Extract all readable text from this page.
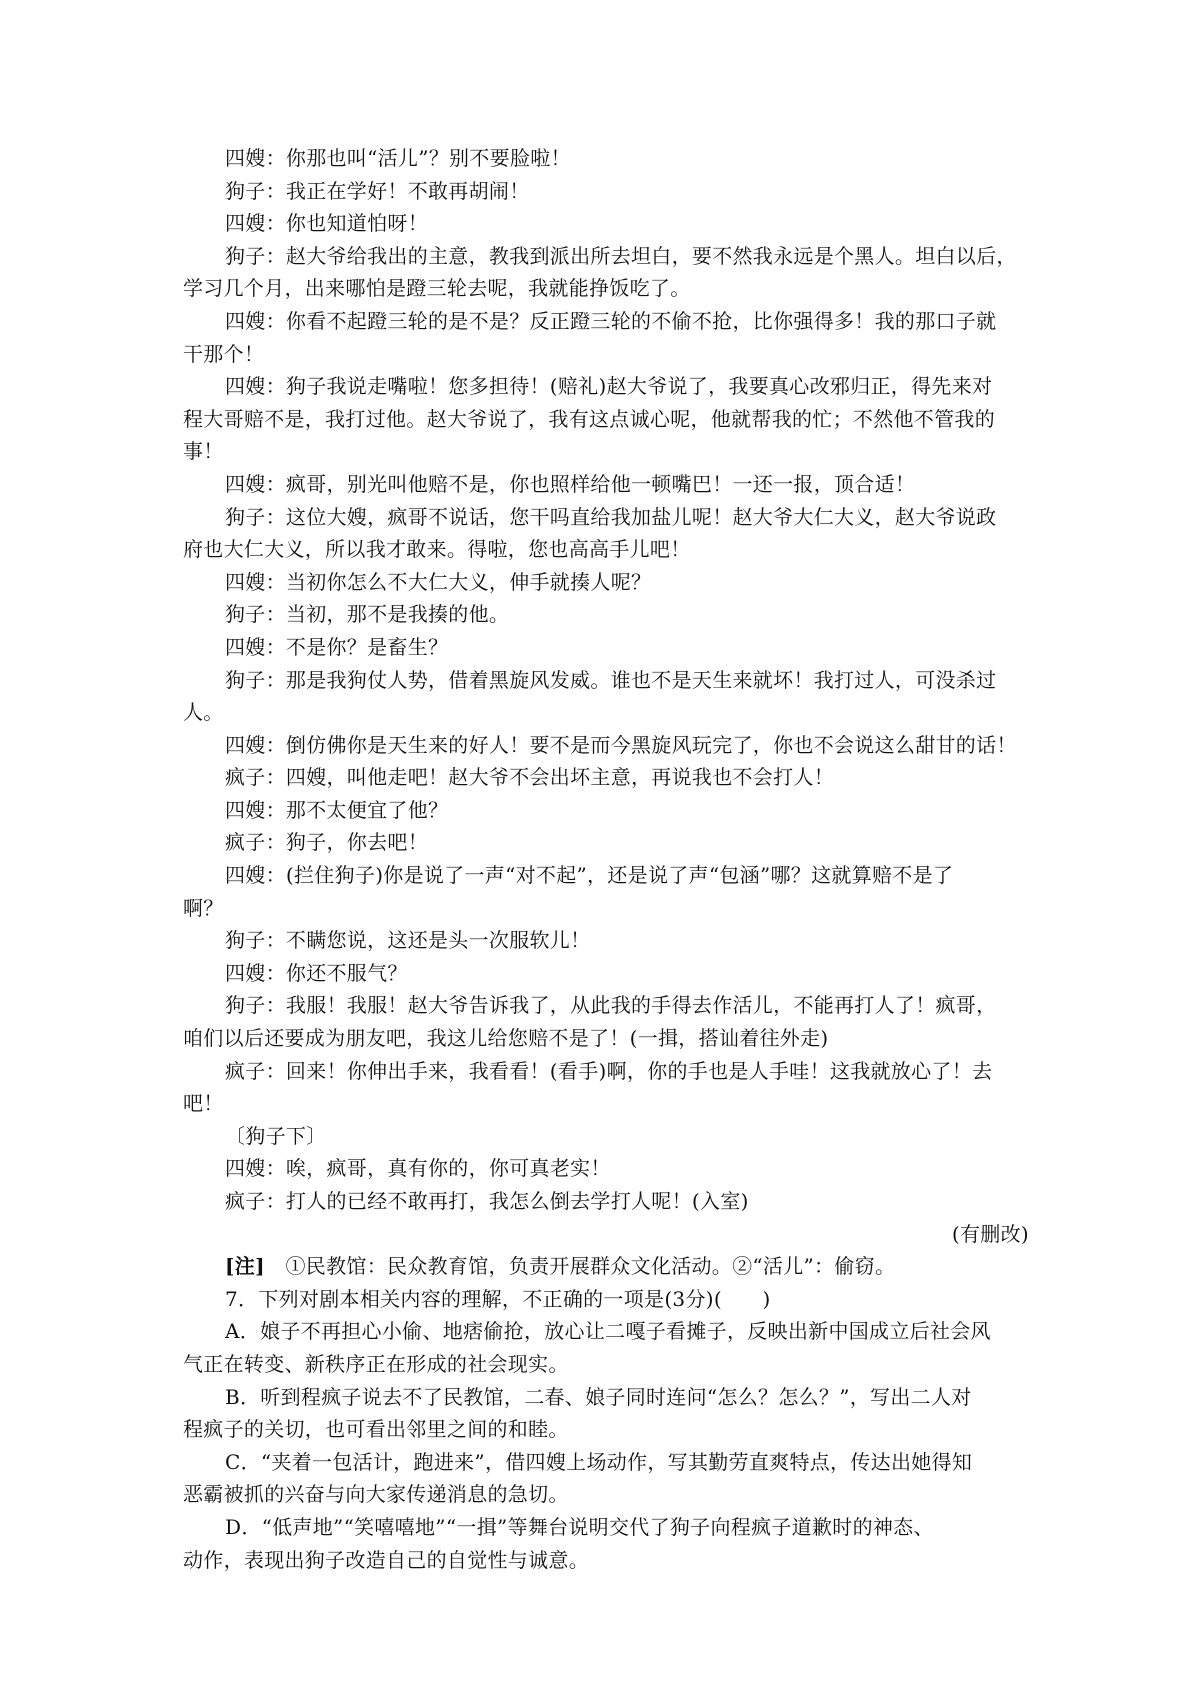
四嫂：你那也叫“活儿”？别不要脸啦！

狗子：我正在学好！不敢再胡闹！

四嫂：你也知道怕呀！

狗子：赵大爷给我出的主意，教我到派出所去坦白，要不然我永远是个黑人。坦白以后，

学习几个月，出来哪怕是蹬三轮去呢，我就能挣饭吃了。

四嫂：你看不起蹬三轮的是不是？反正蹬三轮的不偷不抢，比你强得多！我的那口子就

干那个！

四嫂：狗子我说走嘴啦！您多担待！(赔礼)赵大爷说了，我要真心改邪归正，得先来对

程大哥赔不是，我打过他。赵大爷说了，我有这点诚心呢，他就帮我的忙；不然他不管我的

事！

四嫂：疯哥，别光叫他赔不是，你也照样给他一顿嘴巴！一还一报，顶合适！

狗子：这位大嫂，疯哥不说话，您干吗直给我加盐儿呢！赵大爷大仁大义，赵大爷说政

府也大仁大义，所以我才敢来。得啦，您也高高手儿吧！

四嫂：当初你怎么不大仁大义，伸手就揍人呢？

狗子：当初，那不是我揍的他。

四嫂：不是你？是畜生？

狗子：那是我狗仗人势，借着黑旋风发威。谁也不是天生来就坏！我打过人，可没杀过

人。

四嫂：倒仿佛你是天生来的好人！要不是而今黑旋风玩完了，你也不会说这么甜甘的话！

疯子：四嫂，叫他走吧！赵大爷不会出坏主意，再说我也不会打人！

四嫂：那不太便宜了他？

疯子：狗子，你去吧！

四嫂：(拦住狗子)你是说了一声“对不起”，还是说了声“包涵”哪？这就算赔不是了

啊？

狗子：不瞒您说，这还是头一次服软儿！

四嫂：你还不服气？

狗子：我服！我服！赵大爷告诉我了，从此我的手得去作活儿，不能再打人了！疯哥，

咱们以后还要成为朋友吧，我这儿给您赔不是了！(一揖，搭讪着往外走)

疯子：回来！你伸出手来，我看看！(看手)啊，你的手也是人手哇！这我就放心了！去

吧！

〔狗子下〕

四嫂：唉，疯哥，真有你的，你可真老实！

疯子：打人的已经不敢再打，我怎么倒去学打人呢！(入室)

(有删改)

[注] ①民教馆：民众教育馆，负责开展群众文化活动。②“活儿”：偷窃。

7．下列对剧本相关内容的理解，不正确的一项是(3分)(　　)

A．娘子不再担心小偷、地痞偷抢，放心让二嘎子看摊子，反映出新中国成立后社会风

气正在转变、新秩序正在形成的社会现实。

B．听到程疯子说去不了民教馆，二春、娘子同时连问“怎么？怎么？”，写出二人对

程疯子的关切，也可看出邻里之间的和睦。

C．“夹着一包活计，跑进来”，借四嫂上场动作，写其勤劳直爽特点，传达出她得知

恶霸被抓的兴奋与向大家传递消息的急切。

D．“低声地”“笑嘻嘻地”“一揖”等舞台说明交代了狗子向程疯子道歉时的神态、

动作，表现出狗子改造自己的自觉性与诚意。
